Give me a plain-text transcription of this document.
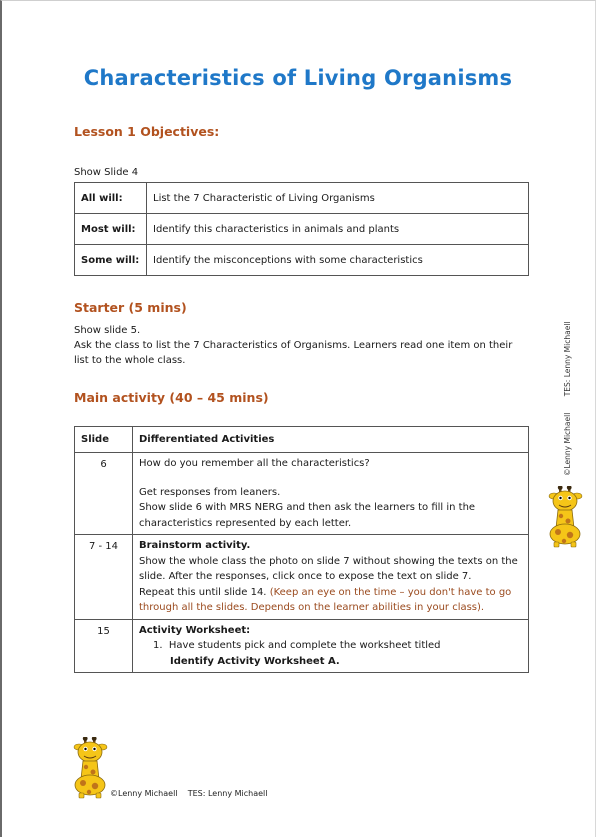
Characteristics of Living Organisms
Lesson 1 Objectives:
Show Slide 4
All will:	List the 7 Characteristic of Living Organisms
Most will:	Identify this characteristics in animals and plants
Some will:	Identify the misconceptions with some characteristics
Starter (5 mins)
Show slide 5.
Ask the class to list the 7 Characteristics of Organisms. Learners read one item on their list to the whole class.
Main activity (40 – 45 mins)
Slide	Differentiated Activities
6	How do you remember all the characteristics?
Get responses from leaners.
Show slide 6 with MRS NERG and then ask the learners to fill in the characteristics represented by each letter.

7 - 14	Brainstorm activity.
Show the whole class the photo on slide 7 without showing the texts on the slide. After the responses, click once to expose the text on slide 7.
Repeat this until slide 14. (Keep an eye on the time – you don't have to go through all the slides. Depends on the learner abilities in your class).

15	Activity Worksheet:
1. Have students pick and complete the worksheet titled
Identify Activity Worksheet A.
©Lenny Michaell TES: Lenny Michaell
©Lenny Michaell TES: Lenny Michaell
